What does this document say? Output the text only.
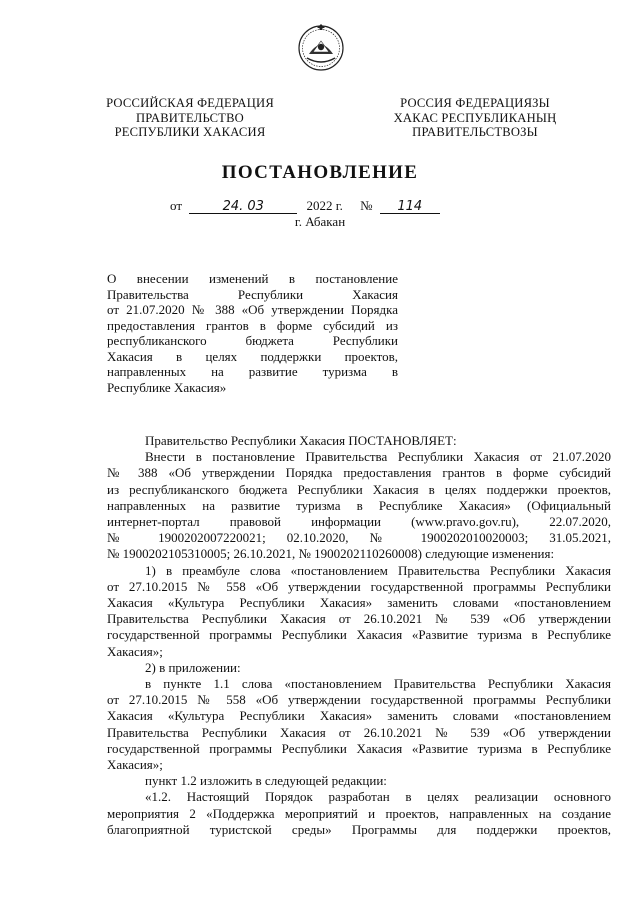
РОССИЙСКАЯ ФЕДЕРАЦИЯ
ПРАВИТЕЛЬСТВО
РЕСПУБЛИКИ ХАКАСИЯ
РОССИЯ ФЕДЕРАЦИЯЗЫ
ХАКАС РЕСПУБЛИКАНЫҢ
ПРАВИТЕЛЬСТВОЗЫ
ПОСТАНОВЛЕНИЕ
от	24. 03	2022 г. № 114
г. Абакан
О внесении изменений в постановление
Правительства Республики Хакасия
от 21.07.2020 № 388 «Об утверждении Порядка
предоставления грантов в форме субсидий из
республиканского бюджета Республики
Хакасия в целях поддержки проектов,
направленных на развитие туризма в
Республике Хакасия»
Правительство Республики Хакасия ПОСТАНОВЛЯЕТ:
Внести в постановление Правительства Республики Хакасия от 21.07.2020
№ 388 «Об утверждении Порядка предоставления грантов в форме субсидий
из республиканского бюджета Республики Хакасия в целях поддержки проектов,
направленных на развитие туризма в Республике Хакасия» (Официальный
интернет-портал правовой информации (www.pravo.gov.ru), 22.07.2020,
№ 1900202007220021; 02.10.2020, № 1900202010020003; 31.05.2021,
№ 1900202105310005; 26.10.2021, № 1900202110260008) следующие изменения:
1) в преамбуле слова «постановлением Правительства Республики Хакасия
от 27.10.2015 № 558 «Об утверждении государственной программы Республики
Хакасия «Культура Республики Хакасия» заменить словами «постановлением
Правительства Республики Хакасия от 26.10.2021 № 539 «Об утверждении
государственной программы Республики Хакасия «Развитие туризма в Республике
Хакасия»;
2) в приложении:
в пункте 1.1 слова «постановлением Правительства Республики Хакасия
от 27.10.2015 № 558 «Об утверждении государственной программы Республики
Хакасия «Культура Республики Хакасия» заменить словами «постановлением
Правительства Республики Хакасия от 26.10.2021 № 539 «Об утверждении
государственной программы Республики Хакасия «Развитие туризма в Республике
Хакасия»;
пункт 1.2 изложить в следующей редакции:
«1.2. Настоящий Порядок разработан в целях реализации основного
мероприятия 2 «Поддержка мероприятий и проектов, направленных на создание
благоприятной туристской среды» Программы для поддержки проектов,
